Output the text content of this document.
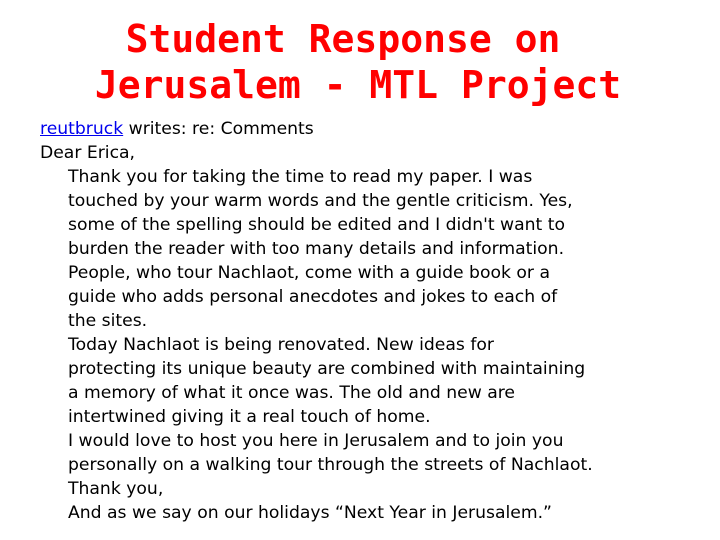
Student Response on
Jerusalem - MTL Project
reutbruck writes: re: Comments
Dear Erica,
Thank you for taking the time to read my paper. I was
touched by your warm words and the gentle criticism. Yes,
some of the spelling should be edited and I didn't want to
burden the reader with too many details and information.
People, who tour Nachlaot, come with a guide book or a
guide who adds personal anecdotes and jokes to each of
the sites.
Today Nachlaot is being renovated. New ideas for
protecting its unique beauty are combined with maintaining
a memory of what it once was. The old and new are
intertwined giving it a real touch of home.
I would love to host you here in Jerusalem and to join you
personally on a walking tour through the streets of Nachlaot.
Thank you,
And as we say on our holidays “Next Year in Jerusalem.”
